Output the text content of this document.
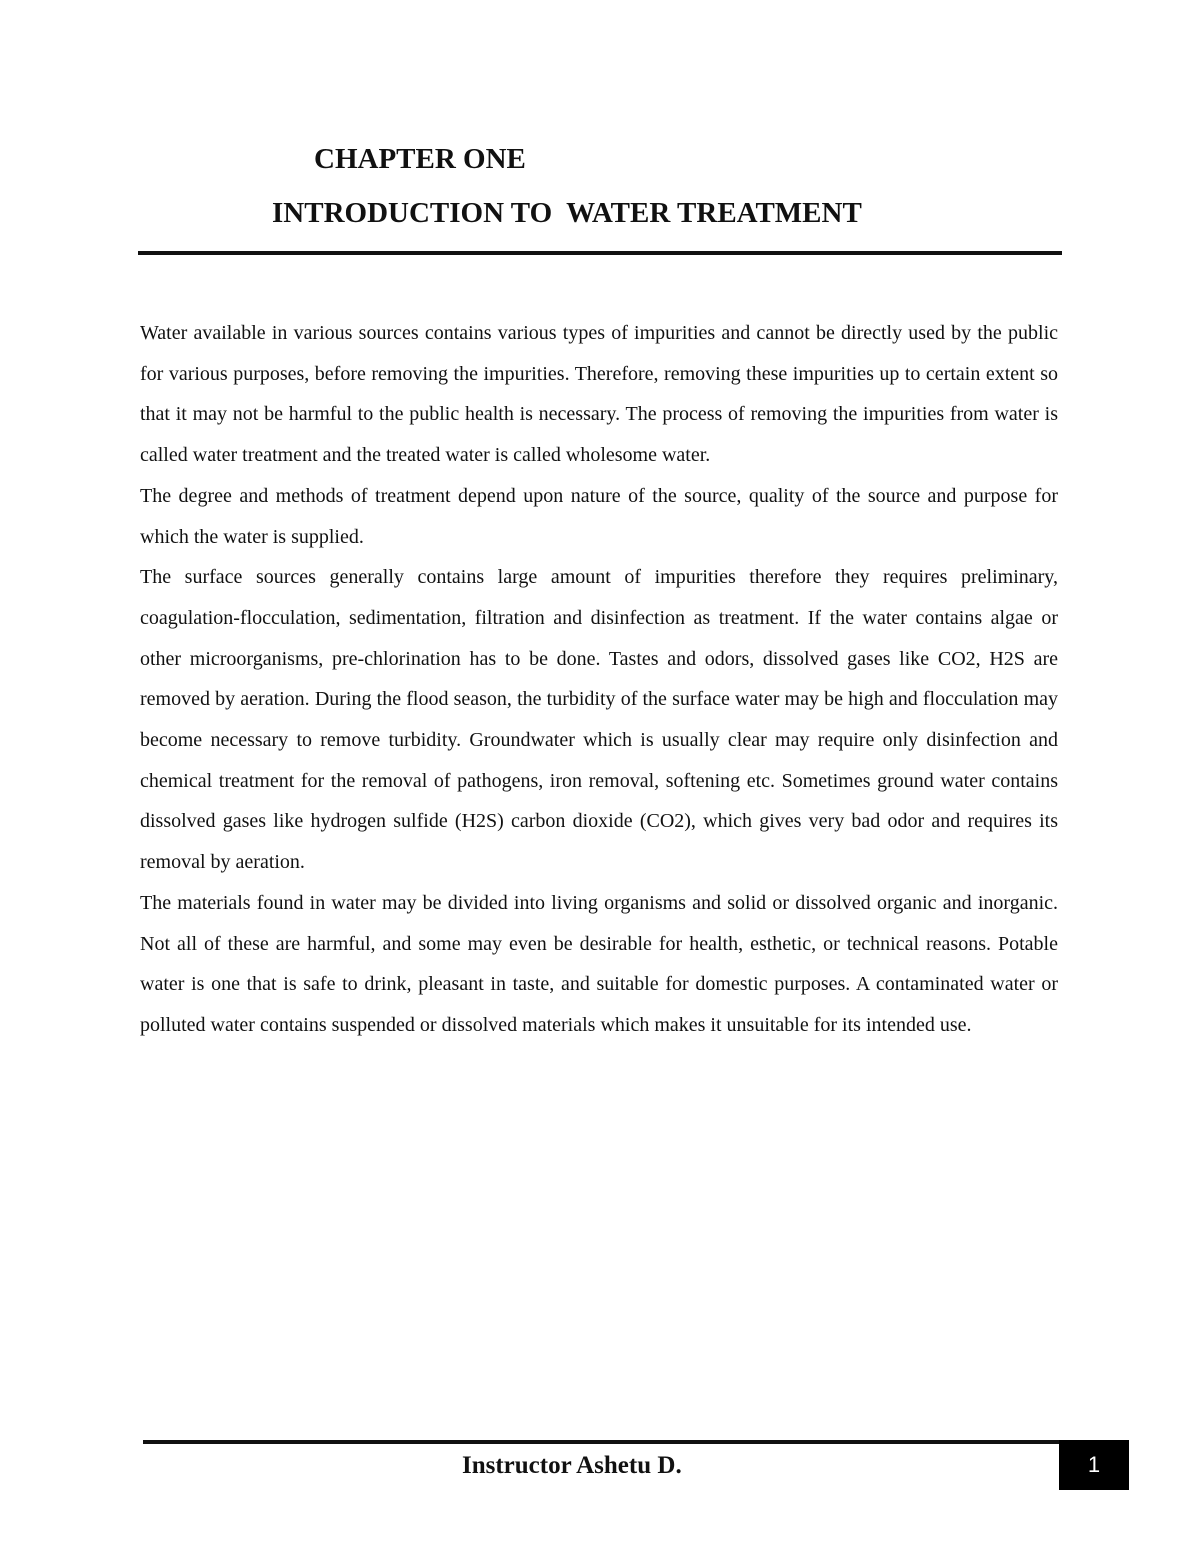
CHAPTER ONE
INTRODUCTION TO  WATER TREATMENT

Water available in various sources contains various types of impurities and cannot be directly used by the public for various purposes, before removing the impurities. Therefore, removing these impurities up to certain extent so that it may not be harmful to the public health is necessary. The process of removing the impurities from water is called water treatment and the treated water is called wholesome water.

The degree and methods of treatment depend upon nature of the source, quality of the source and purpose for which the water is supplied.

The surface sources generally contains large amount of impurities therefore they requires preliminary, coagulation-flocculation, sedimentation, filtration and disinfection as treatment. If the water contains algae or other microorganisms, pre-chlorination has to be done. Tastes and odors, dissolved gases like CO2, H2S are removed by aeration. During the flood season, the turbidity of the surface water may be high and flocculation may become necessary to remove turbidity. Groundwater which is usually clear may require only disinfection and chemical treatment for the removal of pathogens, iron removal, softening etc. Sometimes ground water contains dissolved gases like hydrogen sulfide (H2S) carbon dioxide (CO2), which gives very bad odor and requires its removal by aeration.

The materials found in water may be divided into living organisms and solid or dissolved organic and inorganic. Not all of these are harmful, and some may even be desirable for health, esthetic, or technical reasons. Potable water is one that is safe to drink, pleasant in taste, and suitable for domestic purposes. A contaminated water or polluted water contains suspended or dissolved materials which makes it unsuitable for its intended use.

Instructor Ashetu D.	1
